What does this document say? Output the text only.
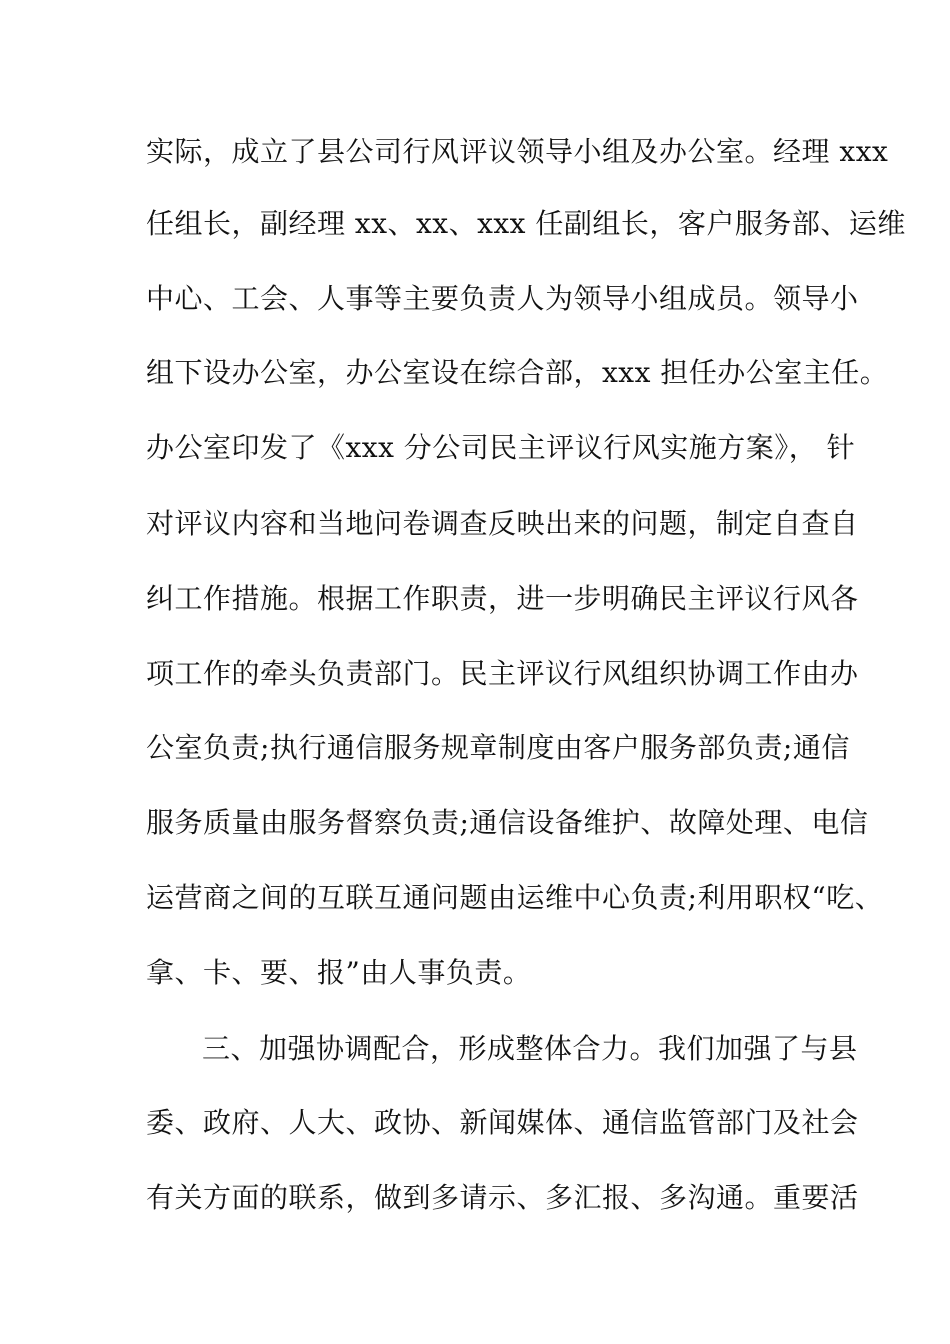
实际，成立了县公司行风评议领导小组及办公室。经理 xxx
任组长，副经理 xx、xx、xxx 任副组长，客户服务部、运维
中心、工会、人事等主要负责人为领导小组成员。领导小
组下设办公室，办公室设在综合部，xxx 担任办公室主任。
办公室印发了《xxx 分公司民主评议行风实施方案》， 针
对评议内容和当地问卷调查反映出来的问题，制定自查自
纠工作措施。根据工作职责，进一步明确民主评议行风各
项工作的牵头负责部门。民主评议行风组织协调工作由办
公室负责;执行通信服务规章制度由客户服务部负责;通信
服务质量由服务督察负责;通信设备维护、故障处理、电信
运营商之间的互联互通问题由运维中心负责;利用职权“吃、
拿、卡、要、报”由人事负责。
三、加强协调配合，形成整体合力。我们加强了与县
委、政府、人大、政协、新闻媒体、通信监管部门及社会
有关方面的联系，做到多请示、多汇报、多沟通。重要活
